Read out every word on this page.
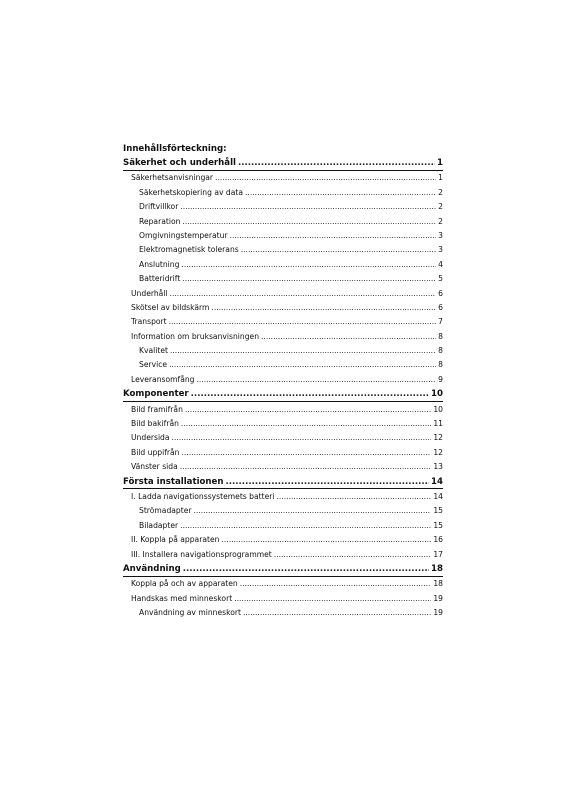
Innehållsförteckning:
Säkerhet och underhåll .....	1
Säkerhetsanvisningar .....	1
Säkerhetskopiering av data .....	2
Driftvillkor .....	2
Reparation .....	2
Omgivningstemperatur .....	3
Elektromagnetisk tolerans .....	3
Anslutning .....	4
Batteridrift .....	5
Underhåll .....	6
Skötsel av bildskärm .....	6
Transport .....	7
Information om bruksanvisningen .....	8
Kvalitet .....	8
Service .....	8
Leveransomfång .....	9
Komponenter .....	10
Bild framifrån .....	10
Bild bakifrån .....	11
Undersida .....	12
Bild uppifrån .....	12
Vänster sida .....	13
Första installationen .....	14
I. Ladda navigationssystemets batteri .....	14
Strömadapter .....	15
Biladapter .....	15
II. Koppla på apparaten .....	16
III. Installera navigationsprogrammet .....	17
Användning .....	18
Koppla på och av apparaten .....	18
Handskas med minneskort .....	19
Användning av minneskort .....	19
